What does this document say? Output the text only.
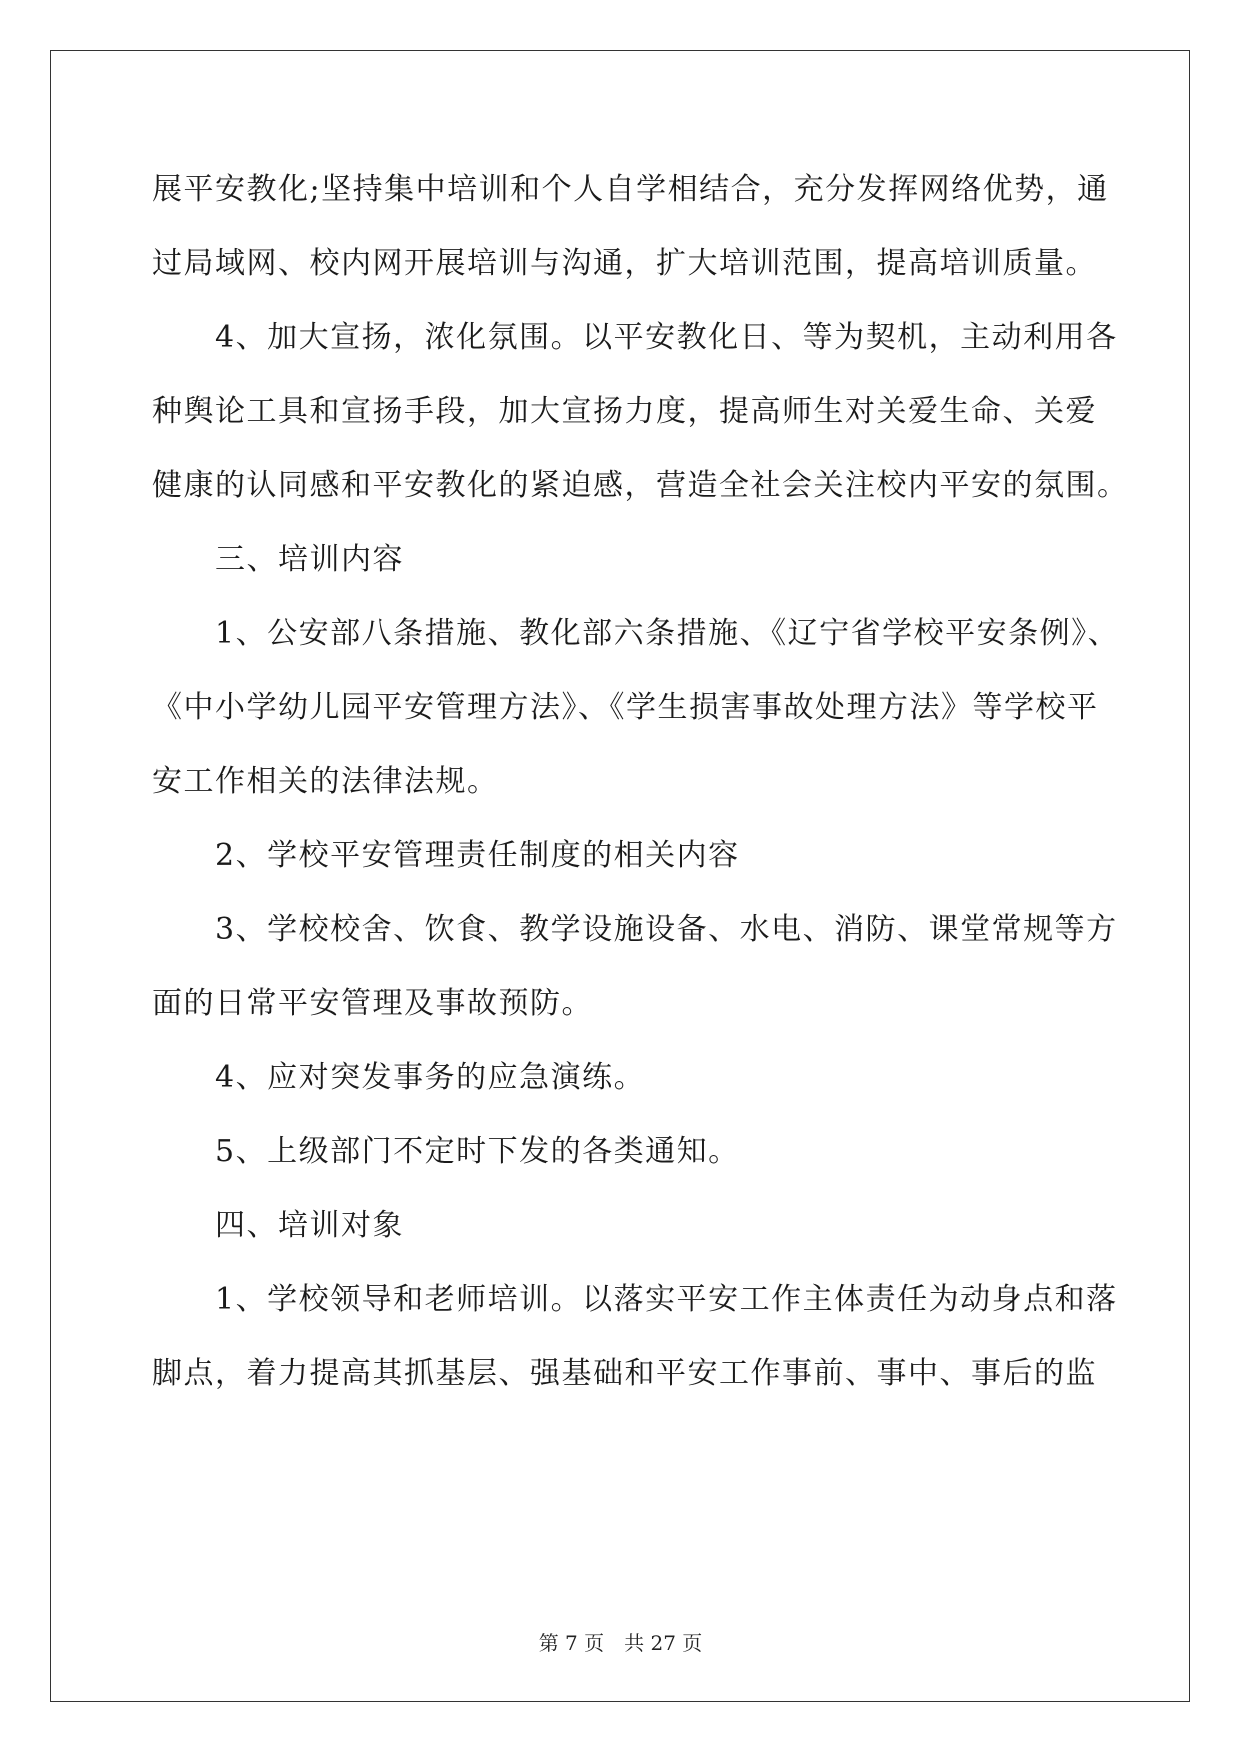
展平安教化;坚持集中培训和个人自学相结合，充分发挥网络优势，通
过局域网、校内网开展培训与沟通，扩大培训范围，提高培训质量。
　　4、加大宣扬，浓化氛围。以平安教化日、等为契机，主动利用各
种舆论工具和宣扬手段，加大宣扬力度，提高师生对关爱生命、关爱
健康的认同感和平安教化的紧迫感，营造全社会关注校内平安的氛围。
　　三、培训内容
　　1、公安部八条措施、教化部六条措施、《辽宁省学校平安条例》、
《中小学幼儿园平安管理方法》、《学生损害事故处理方法》等学校平
安工作相关的法律法规。
　　2、学校平安管理责任制度的相关内容
　　3、学校校舍、饮食、教学设施设备、水电、消防、课堂常规等方
面的日常平安管理及事故预防。
　　4、应对突发事务的应急演练。
　　5、上级部门不定时下发的各类通知。
　　四、培训对象
　　1、学校领导和老师培训。以落实平安工作主体责任为动身点和落
脚点，着力提高其抓基层、强基础和平安工作事前、事中、事后的监
第 7 页　共 27 页
